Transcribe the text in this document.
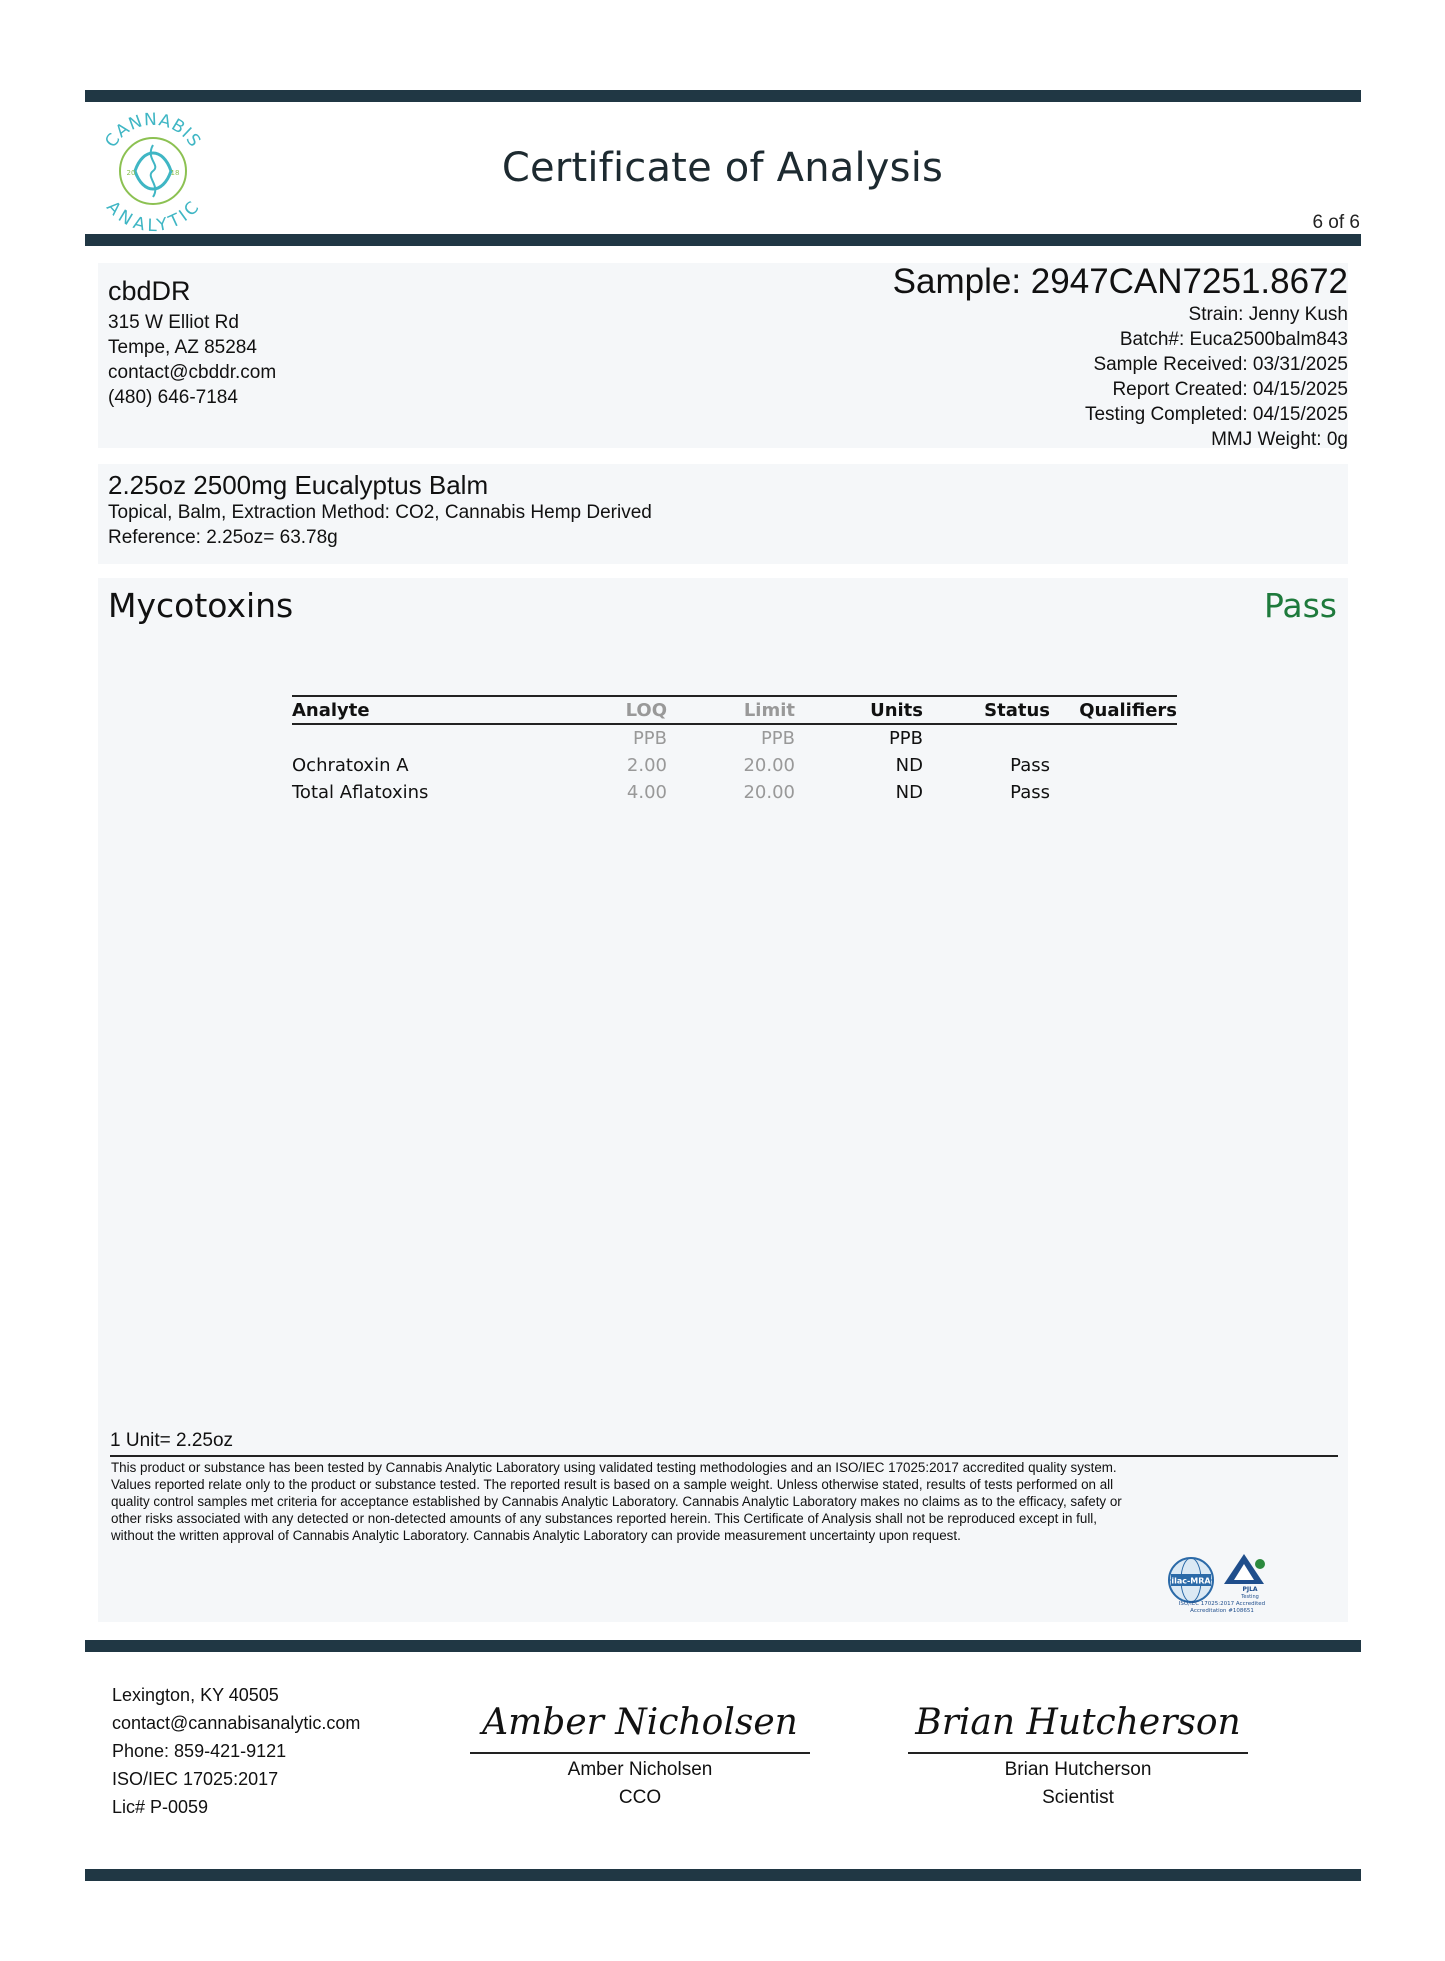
CANNABIS
ANALYTIC
20	18	Certificate of Analysis
6 of 6
cbdDR
315 W Elliot Rd
Tempe, AZ 85284
contact@cbddr.com
(480) 646-7184
Sample: 2947CAN7251.8672
Strain: Jenny Kush
Batch#: Euca2500balm843
Sample Received: 03/31/2025
Report Created: 04/15/2025
Testing Completed: 04/15/2025
MMJ Weight: 0g
2.25oz 2500mg Eucalyptus Balm
Topical, Balm, Extraction Method: CO2, Cannabis Hemp Derived
Reference: 2.25oz= 63.78g
Mycotoxins	Pass
Analyte	LOQ	Limit	Units	Status	Qualifiers
	PPB	PPB	PPB		
Ochratoxin A	2.00	20.00	ND	Pass	
Total Aflatoxins	4.00	20.00	ND	Pass	
1 Unit= 2.25oz
This product or substance has been tested by Cannabis Analytic Laboratory using validated testing methodologies and an ISO/IEC 17025:2017 accredited quality system.
Values reported relate only to the product or substance tested. The reported result is based on a sample weight. Unless otherwise stated, results of tests performed on all
quality control samples met criteria for acceptance established by Cannabis Analytic Laboratory. Cannabis Analytic Laboratory makes no claims as to the efficacy, safety or
other risks associated with any detected or non-detected amounts of any substances reported herein. This Certificate of Analysis shall not be reproduced except in full,
without the written approval of Cannabis Analytic Laboratory. Cannabis Analytic Laboratory can provide measurement uncertainty upon request.
ilac-MRA
PJLA
Testing
ISO/IEC 17025:2017 Accredited
Accreditation #108651
Lexington, KY 40505
contact@cannabisanalytic.com
Phone: 859-421-9121
ISO/IEC 17025:2017
Lic# P-0059
Amber Nicholsen
Amber Nicholsen
CCO
Brian Hutcherson
Brian Hutcherson
Scientist
